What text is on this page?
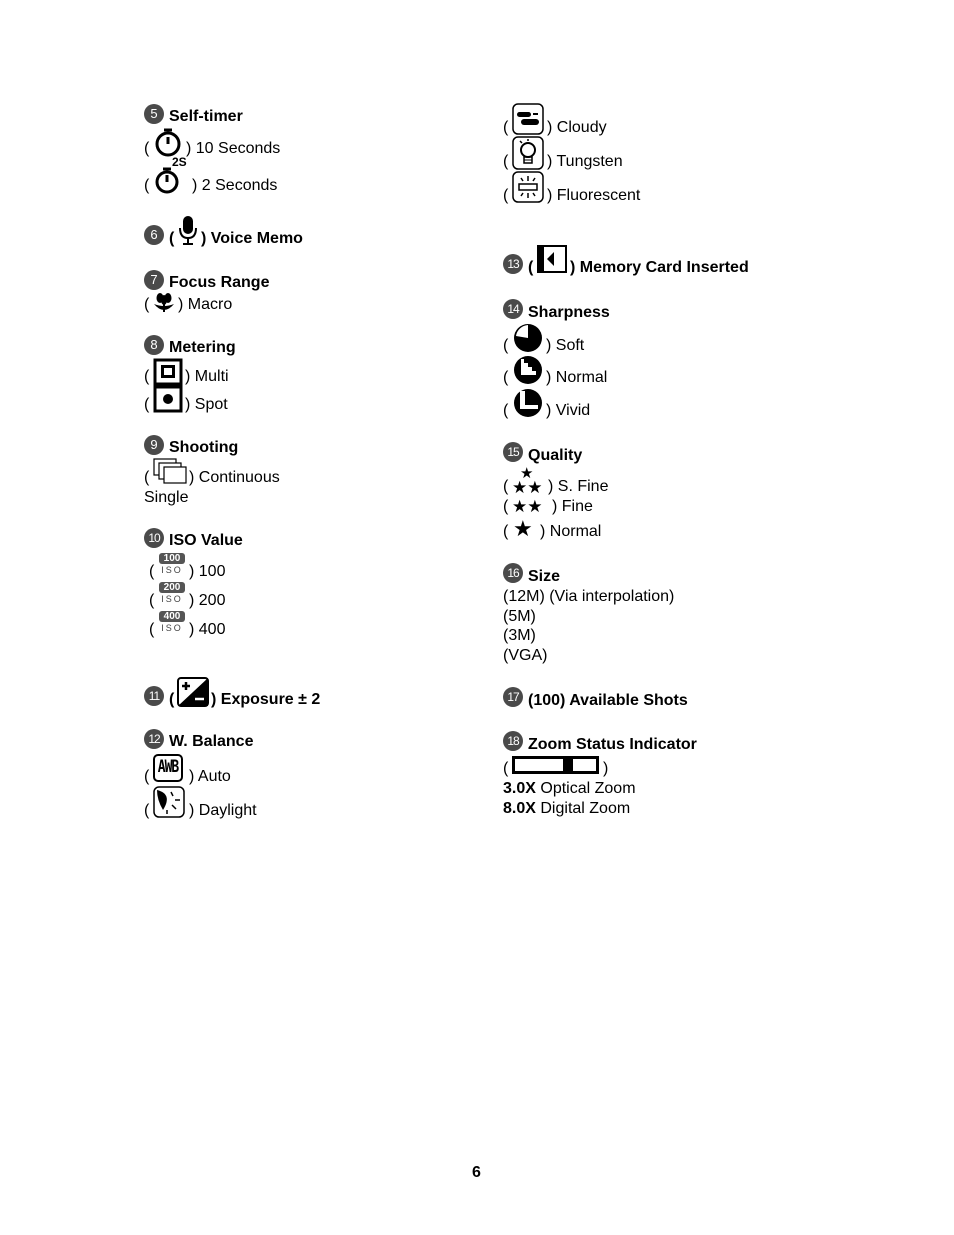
5 Self-timer
( ) 10 Seconds
(
2S
) 2 Seconds
6 ( ) Voice Memo
7 Focus Range
( ) Macro
8 Metering
( ) Multi
( ) Spot
9 Shooting
( ) Continuous
Single
10 ISO Value
(
100
ISO ) 100
(
200
ISO ) 200
(
400
ISO ) 400
11 ( ) Exposure ± 2
12 W. Balance
( AWB ) Auto
( ) Daylight
( ) Cloudy
( ) Tungsten
( ) Fluorescent
13 ( ) Memory Card Inserted
14 Sharpness
( ) Soft
( ) Normal
( ) Vivid
15 Quality
★
( ★★ ) S. Fine
( ★★ ) Fine
( ★ ) Normal
16 Size
(12M) (Via interpolation)
(5M)
(3M)
(VGA)
17 (100) Available Shots
18 Zoom Status Indicator
(	)
3.0X Optical Zoom
8.0X Digital Zoom
6
